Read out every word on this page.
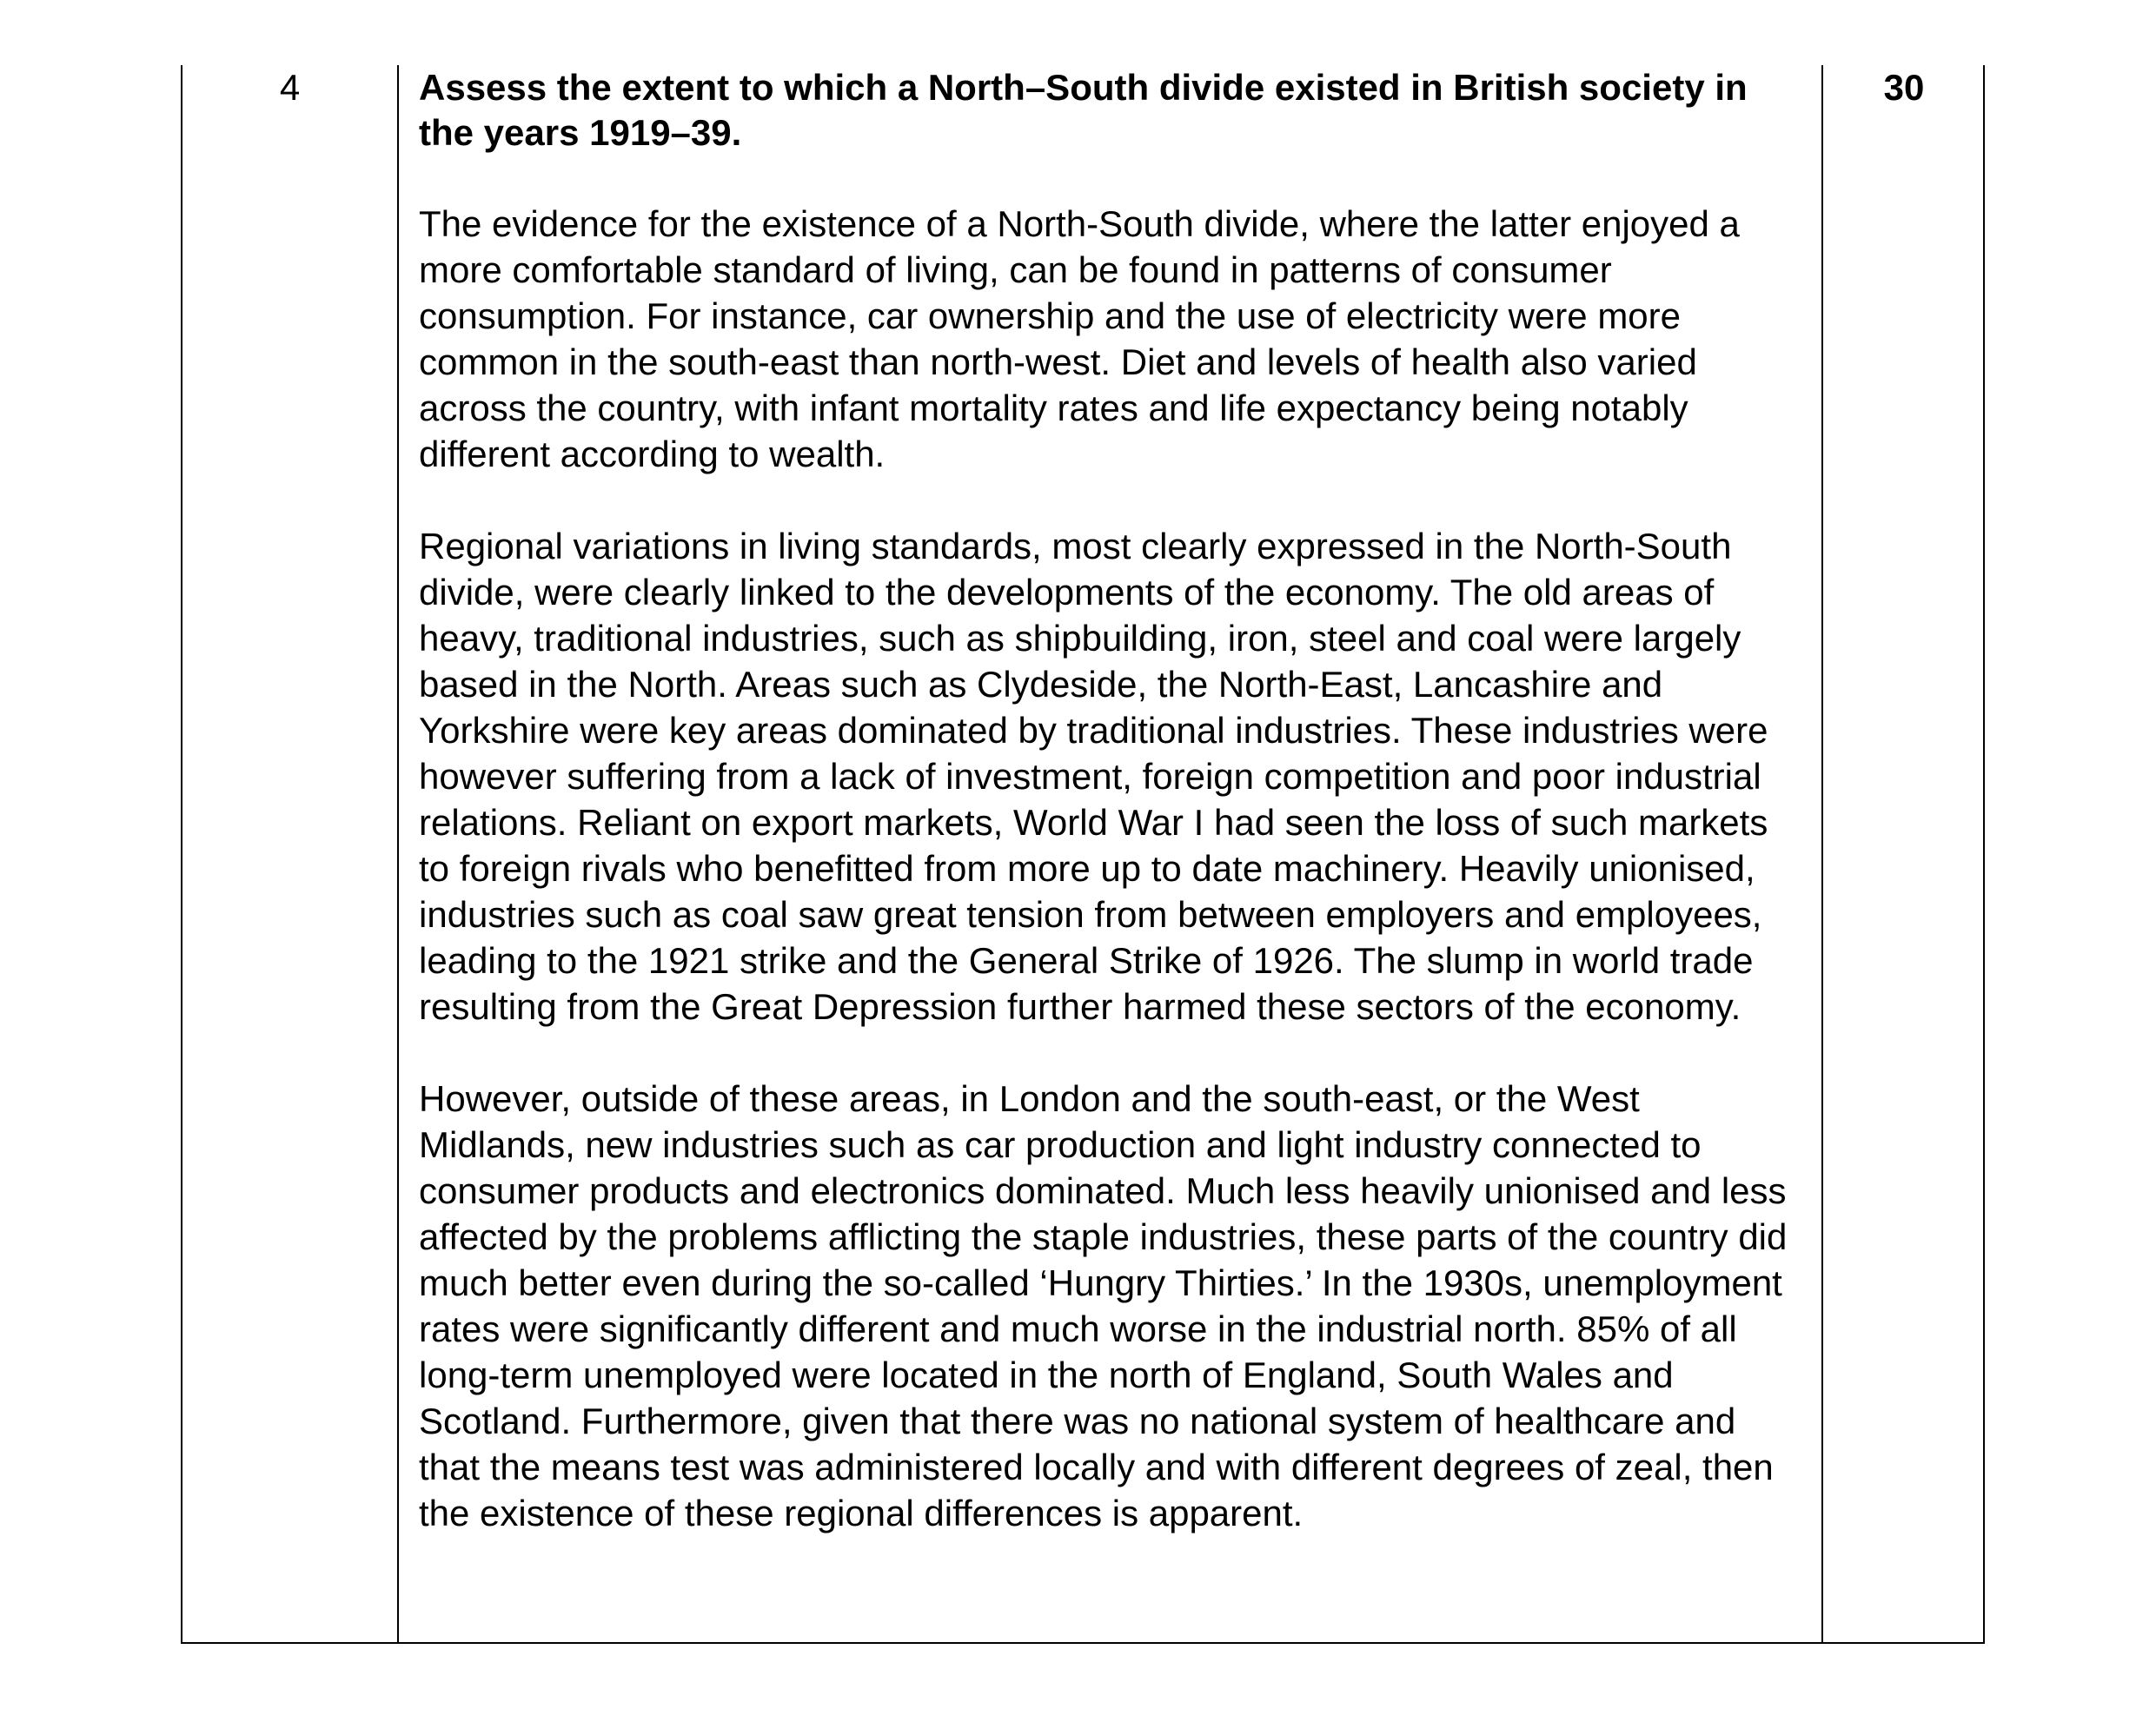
4	Assess the extent to which a North–South divide existed in British society in the years 1919–39.

The evidence for the existence of a North-South divide, where the latter enjoyed a more comfortable standard of living, can be found in patterns of consumer consumption. For instance, car ownership and the use of electricity were more common in the south-east than north-west. Diet and levels of health also varied across the country, with infant mortality rates and life expectancy being notably different according to wealth.

Regional variations in living standards, most clearly expressed in the North-South divide, were clearly linked to the developments of the economy. The old areas of heavy, traditional industries, such as shipbuilding, iron, steel and coal were largely based in the North. Areas such as Clydeside, the North-East, Lancashire and Yorkshire were key areas dominated by traditional industries. These industries were however suffering from a lack of investment, foreign competition and poor industrial relations. Reliant on export markets, World War I had seen the loss of such markets to foreign rivals who benefitted from more up to date machinery. Heavily unionised, industries such as coal saw great tension from between employers and employees, leading to the 1921 strike and the General Strike of 1926. The slump in world trade resulting from the Great Depression further harmed these sectors of the economy.

However, outside of these areas, in London and the south-east, or the West Midlands, new industries such as car production and light industry connected to consumer products and electronics dominated. Much less heavily unionised and less affected by the problems afflicting the staple industries, these parts of the country did much better even during the so-called ‘Hungry Thirties.’ In the 1930s, unemployment rates were significantly different and much worse in the industrial north. 85% of all long-term unemployed were located in the north of England, South Wales and Scotland. Furthermore, given that there was no national system of healthcare and that the means test was administered locally and with different degrees of zeal, then the existence of these regional differences is apparent.

30
